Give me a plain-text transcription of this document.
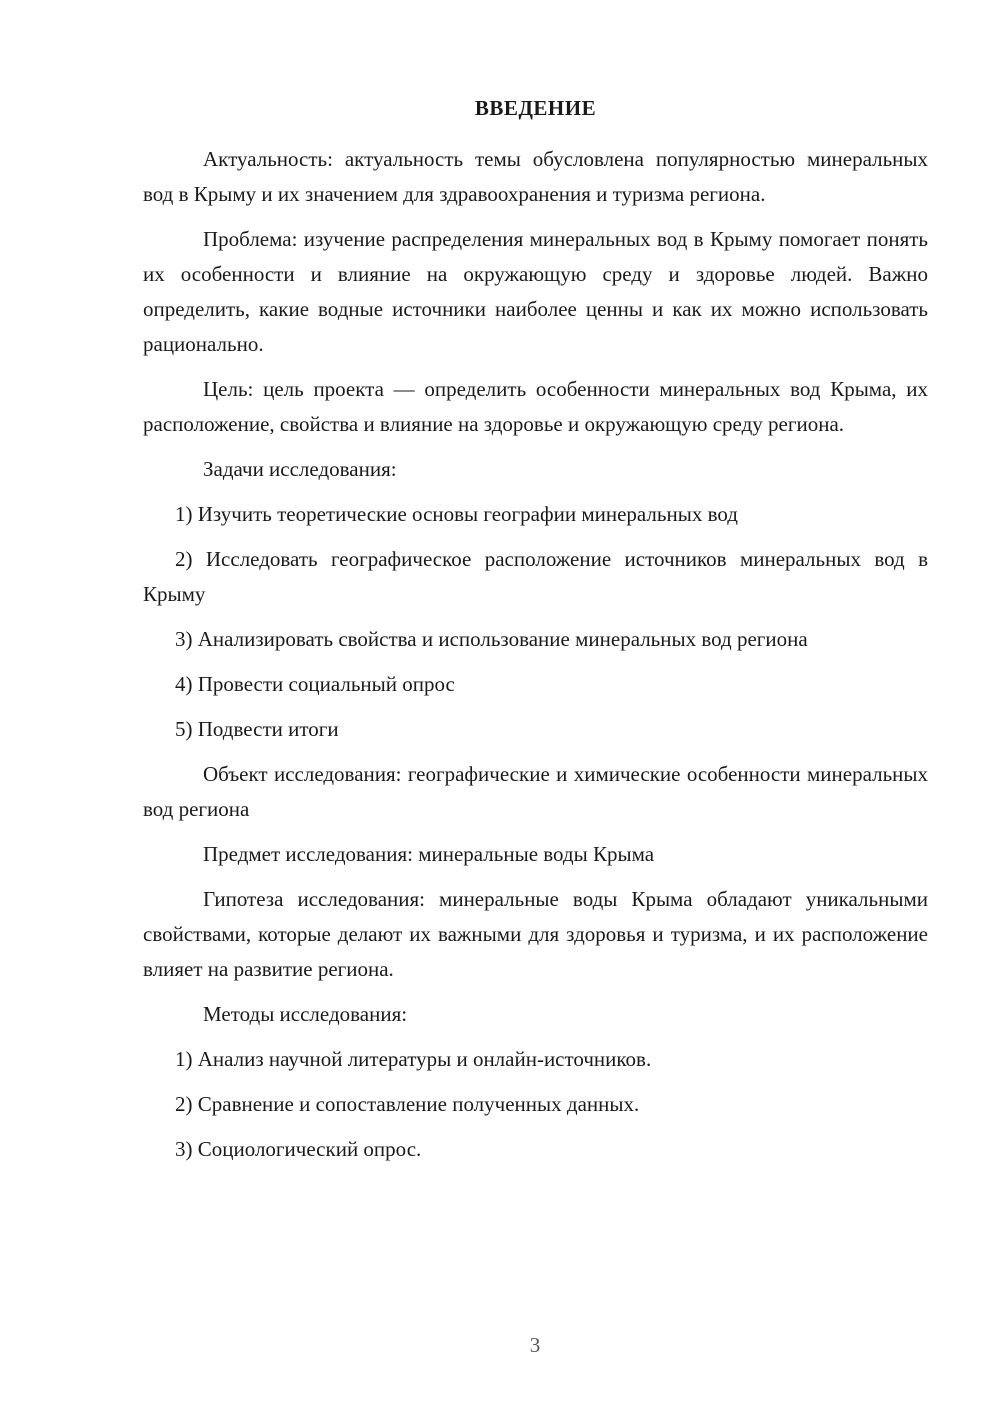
ВВЕДЕНИЕ

Актуальность: актуальность темы обусловлена популярностью минеральных вод в Крыму и их значением для здравоохранения и туризма региона.

Проблема: изучение распределения минеральных вод в Крыму помогает понять их особенности и влияние на окружающую среду и здоровье людей. Важно определить, какие водные источники наиболее ценны и как их можно использовать рационально.

Цель: цель проекта — определить особенности минеральных вод Крыма, их расположение, свойства и влияние на здоровье и окружающую среду региона.

Задачи исследования:

1) Изучить теоретические основы географии минеральных вод

2) Исследовать географическое расположение источников минеральных вод в Крыму

3) Анализировать свойства и использование минеральных вод региона

4) Провести социальный опрос

5) Подвести итоги

Объект исследования: географические и химические особенности минеральных вод региона

Предмет исследования: минеральные воды Крыма

Гипотеза исследования: минеральные воды Крыма обладают уникальными свойствами, которые делают их важными для здоровья и туризма, и их расположение влияет на развитие региона.

Методы исследования:

1) Анализ научной литературы и онлайн-источников.

2) Сравнение и сопоставление полученных данных.

3) Социологический опрос.

3
